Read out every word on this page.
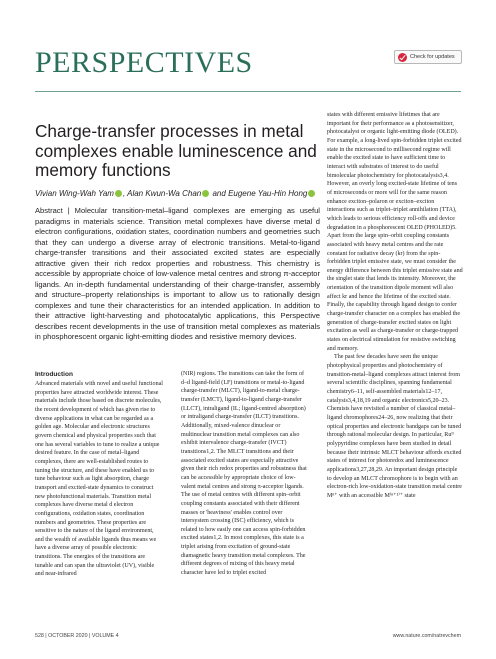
PERSPECTIVES	Check for updates
Charge-transfer processes in metal complexes enable luminescence and memory functions
Vivian Wing-Wah Yam , Alan Kwun-Wa Chan and Eugene Yau-Hin Hong
Abstract | Molecular transition-metal–ligand complexes are emerging as useful paradigms in materials science. Transition metal complexes have diverse metal d electron configurations, oxidation states, coordination numbers and geometries such that they can undergo a diverse array of electronic transitions. Metal-to-ligand charge-transfer transitions and their associated excited states are especially attractive given their rich redox properties and robustness. This chemistry is accessible by appropriate choice of low-valence metal centres and strong π-acceptor ligands. An in-depth fundamental understanding of their charge-transfer, assembly and structure–property relationships is important to allow us to rationally design complexes and tune their characteristics for an intended application. In addition to their attractive light-harvesting and photocatalytic applications, this Perspective describes recent developments in the use of transition metal complexes as materials in phosphorescent organic light-emitting diodes and resistive memory devices.
Introduction
Advanced materials with novel and useful functional properties have attracted worldwide interest. These materials include those based on discrete molecules, the recent development of which has given rise to diverse applications in what can be regarded as a golden age. Molecular and electronic structures govern chemical and physical properties such that one has several variables to tune to realize a unique desired feature. In the case of metal–ligand complexes, there are well-established routes to tuning the structure, and these have enabled us to tune behaviour such as light absorption, charge transport and excited-state dynamics to construct new photofunctional materials. Transition metal complexes have diverse metal d electron configurations, oxidation states, coordination numbers and geometries. These properties are sensitive to the nature of the ligand environment, and the wealth of available ligands thus means we have a diverse array of possible electronic transitions. The energies of the transitions are tunable and can span the ultraviolet (UV), visible and near-infrared
(NIR) regions. The transitions can take the form of d–d ligand-field (LF) transitions or metal-to-ligand charge-transfer (MLCT), ligand-to-metal charge-transfer (LMCT), ligand-to-ligand charge-transfer (LLCT), intraligand (IL; ligand-centred absorption) or intraligand charge-transfer (ILCT) transitions. Additionally, mixed-valence dinuclear or multinuclear transition metal complexes can also exhibit intervalence charge-transfer (IVCT) transitions1,2. The MLCT transitions and their associated excited states are especially attractive given their rich redox properties and robustness that can be accessible by appropriate choice of low-valent metal centres and strong π-acceptor ligands. The use of metal centres with different spin–orbit coupling constants associated with their different masses or 'heaviness' enables control over intersystem crossing (ISC) efficiency, which is related to how easily one can access spin-forbidden excited states1,2. In most complexes, this state is a triplet arising from excitation of ground-state diamagnetic heavy transition metal complexes. The different degrees of mixing of this heavy metal character have led to triplet excited

states with different emissive lifetimes that are important for their performance as a photosensitizer, photocatalyst or organic light-emitting diode (OLED). For example, a long-lived spin-forbidden triplet excited state in the microsecond to millisecond regime will enable the excited state to have sufficient time to interact with substrates of interest to do useful bimolecular photochemistry for photocatalysis3,4. However, an overly long excited-state lifetime of tens of microseconds or more will for the same reason enhance exciton–polaron or exciton–exciton interactions such as triplet–triplet annihilation (TTA), which leads to serious efficiency roll-offs and device degradation in a phosphorescent OLED (PHOLED)5. Apart from the large spin–orbit coupling constants associated with heavy metal centres and the rate constant for radiative decay (kr) from the spin-forbidden triplet emissive state, we must consider the energy difference between this triplet emissive state and the singlet state that lends its intensity. Moreover, the orientation of the transition dipole moment will also affect kr and hence the lifetime of the excited state. Finally, the capability through ligand design to confer charge-transfer character on a complex has enabled the generation of charge-transfer excited states on light excitation as well as charge-transfer or charge-trapped states on electrical stimulation for resistive switching and memory.

The past few decades have seen the unique photophysical properties and photochemistry of transition-metal–ligand complexes attract interest from several scientific disciplines, spanning fundamental chemistry6–11, self-assembled materials12–17, catalysis3,4,18,19 and organic electronics5,20–23. Chemists have revisited a number of classical metal–ligand chromophores24–26, now realizing that their optical properties and electronic bandgaps can be tuned through rational molecular design. In particular, Ruᴵᴵ polypyridine complexes have been studied in detail because their intrinsic MLCT behaviour affords excited states of interest for photoredox and luminescence applications3,27,28,29. An important design principle to develop an MLCT chromophore is to begin with an electron-rich low-oxidation-state transition metal centre Mⁿ⁺ with an accessible M⁽ⁿ⁺¹⁾⁺ state

528 | OCTOBER 2020 | VOLUME 4	www.nature.com/natrevchem
